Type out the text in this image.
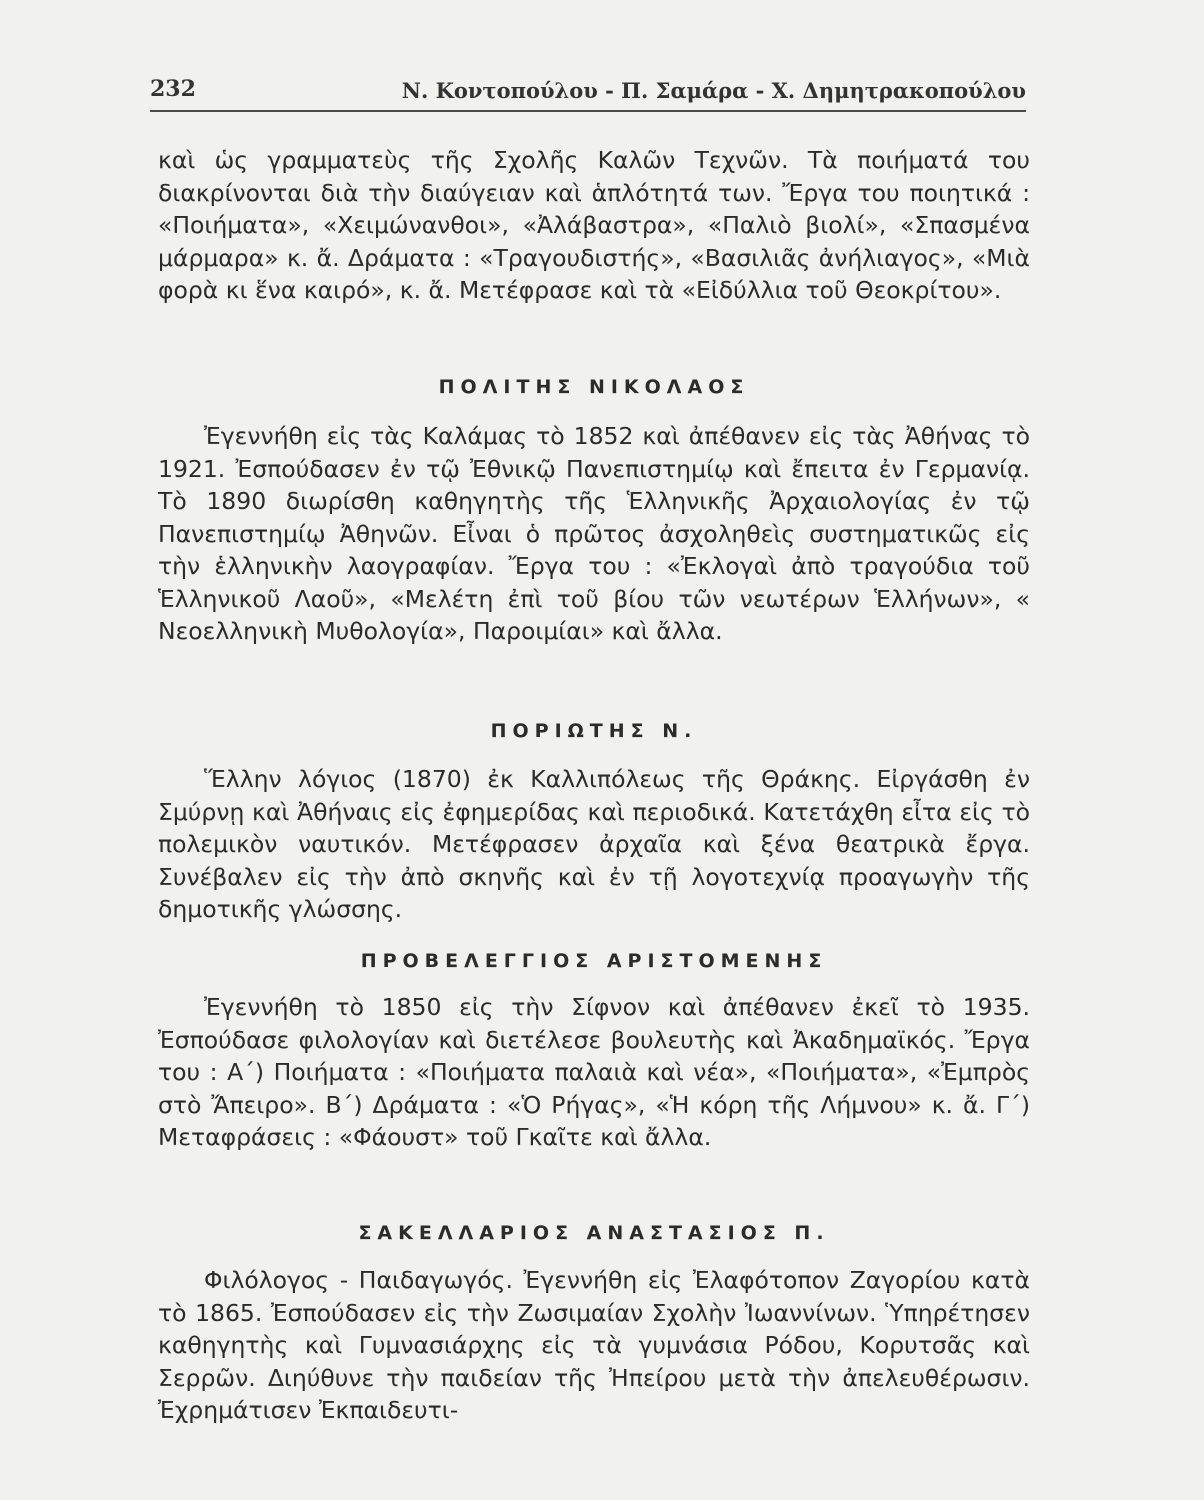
232	Ν. Κοντοπούλου - Π. Σαμάρα - Χ. Δημητρακοπούλου

καὶ ὡς γραμματεὺς τῆς Σχολῆς Καλῶν Τεχνῶν. Τὰ ποιήματά του διακρίνονται διὰ τὴν διαύγειαν καὶ ἁπλότητά των. Ἔργα του ποιητικά : «Ποιήματα», «Χειμώνανθοι», «Ἀλάβαστρα», «Παλιὸ βιολί», «Σπασμένα μάρμαρα» κ. ἄ. Δράματα : «Τραγουδιστής», «Βασιλιᾶς ἀνήλιαγος», «Μιὰ φορὰ κι ἕνα καιρό», κ. ἄ. Μετέφρασε καὶ τὰ «Εἰδύλλια τοῦ Θεοκρίτου».

ΠΟΛΙΤΗΣ ΝΙΚΟΛΑΟΣ

Ἐγεννήθη εἰς τὰς Καλάμας τὸ 1852 καὶ ἀπέθανεν εἰς τὰς Ἀθήνας τὸ 1921. Ἐσπούδασεν ἐν τῷ Ἐθνικῷ Πανεπιστημίῳ καὶ ἔπειτα ἐν Γερμανίᾳ. Τὸ 1890 διωρίσθη καθηγητὴς τῆς Ἑλληνικῆς Ἀρχαιολογίας ἐν τῷ Πανεπιστημίῳ Ἀθηνῶν. Εἶναι ὁ πρῶτος ἀσχοληθεὶς συστηματικῶς εἰς τὴν ἑλληνικὴν λαογραφίαν. Ἔργα του : «Ἐκλογαὶ ἀπὸ τραγούδια τοῦ Ἑλληνικοῦ Λαοῦ», «Μελέτη ἐπὶ τοῦ βίου τῶν νεωτέρων Ἑλλήνων», « Νεοελληνικὴ Μυθολογία», Παροιμίαι» καὶ ἄλλα.

ΠΟΡΙΩΤΗΣ Ν.

Ἕλλην λόγιος (1870) ἐκ Καλλιπόλεως τῆς Θράκης. Εἰργάσθη ἐν Σμύρνῃ καὶ Ἀθήναις εἰς ἐφημερίδας καὶ περιοδικά. Κατετάχθη εἶτα εἰς τὸ πολεμικὸν ναυτικόν. Μετέφρασεν ἀρχαῖα καὶ ξένα θεατρικὰ ἔργα. Συνέβαλεν εἰς τὴν ἀπὸ σκηνῆς καὶ ἐν τῇ λογοτεχνίᾳ προαγωγὴν τῆς δημοτικῆς γλώσσης.

ΠΡΟΒΕΛΕΓΓΙΟΣ ΑΡΙΣΤΟΜΕΝΗΣ

Ἐγεννήθη τὸ 1850 εἰς τὴν Σίφνον καὶ ἀπέθανεν ἐκεῖ τὸ 1935. Ἐσπούδασε φιλολογίαν καὶ διετέλεσε βουλευτὴς καὶ Ἀκαδημαϊκός. Ἔργα του : Α΄) Ποιήματα : «Ποιήματα παλαιὰ καὶ νέα», «Ποιήματα», «Ἐμπρὸς στὸ Ἄπειρο». Β΄) Δράματα : «Ὁ Ρήγας», «Ἡ κόρη τῆς Λήμνου» κ. ἄ. Γ΄) Μεταφράσεις : «Φάουστ» τοῦ Γκαῖτε καὶ ἄλλα.

ΣΑΚΕΛΛΑΡΙΟΣ ΑΝΑΣΤΑΣΙΟΣ Π.

Φιλόλογος - Παιδαγωγός. Ἐγεννήθη εἰς Ἐλαφότοπον Ζαγορίου κατὰ τὸ 1865. Ἐσπούδασεν εἰς τὴν Ζωσιμαίαν Σχολὴν Ἰωαννίνων. Ὑπηρέτησεν καθηγητὴς καὶ Γυμνασιάρχης εἰς τὰ γυμνάσια Ρόδου, Κορυτσᾶς καὶ Σερρῶν. Διηύθυνε τὴν παιδείαν τῆς Ἠπείρου μετὰ τὴν ἀπελευθέρωσιν. Ἐχρημάτισεν Ἐκπαιδευτι-
